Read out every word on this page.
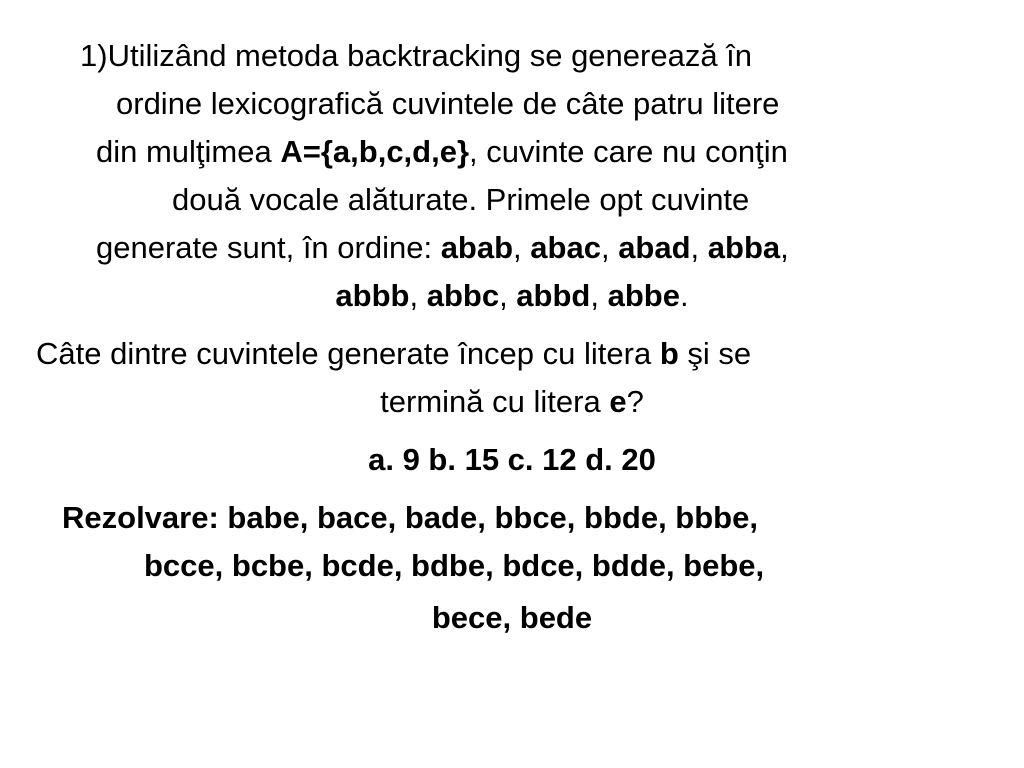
1)Utilizând metoda backtracking se generează în
ordine lexicografică cuvintele de câte patru litere
din mulţimea A={a,b,c,d,e}, cuvinte care nu conţin
două vocale alăturate. Primele opt cuvinte
generate sunt, în ordine: abab, abac, abad, abba,
abbb, abbc, abbd, abbe.
Câte dintre cuvintele generate încep cu litera b şi se
termină cu litera e?
a. 9 b. 15 c. 12 d. 20
Rezolvare: babe, bace, bade, bbce, bbde, bbbe,
bcce, bcbe, bcde, bdbe, bdce, bdde, bebe,
bece, bede
